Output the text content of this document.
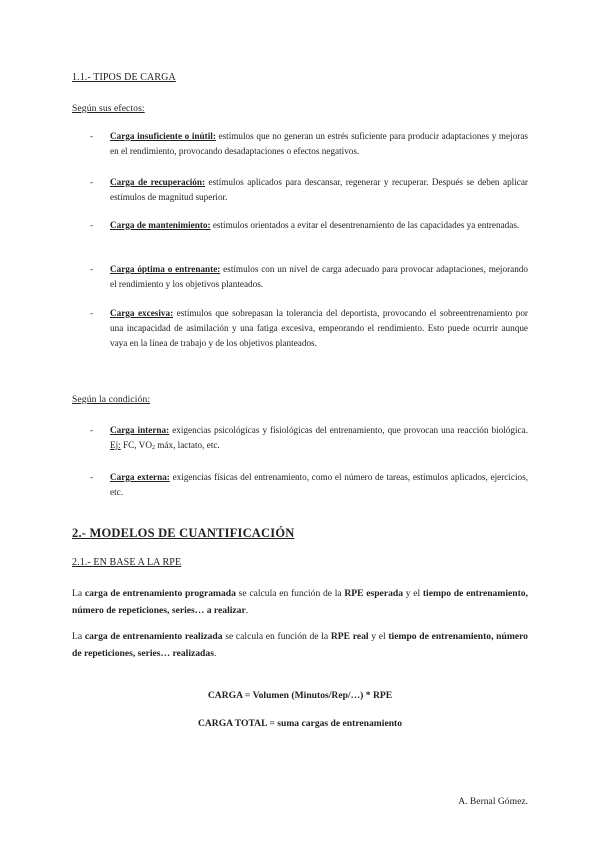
1.1.- TIPOS DE CARGA
Según sus efectos:
- Carga insuficiente o inútil: estímulos que no generan un estrés suficiente para producir adaptaciones y mejoras en el rendimiento, provocando desadaptaciones o efectos negativos.
- Carga de recuperación: estímulos aplicados para descansar, regenerar y recuperar. Después se deben aplicar estímulos de magnitud superior.
- Carga de mantenimiento: estímulos orientados a evitar el desentrenamiento de las capacidades ya entrenadas.
- Carga óptima o entrenante: estímulos con un nivel de carga adecuado para provocar adaptaciones, mejorando el rendimiento y los objetivos planteados.
- Carga excesiva: estímulos que sobrepasan la tolerancia del deportista, provocando el sobreentrenamiento por una incapacidad de asimilación y una fatiga excesiva, empeorando el rendimiento. Esto puede ocurrir aunque vaya en la línea de trabajo y de los objetivos planteados.
Según la condición:
- Carga interna: exigencias psicológicas y fisiológicas del entrenamiento, que provocan una reacción biológica. Ej: FC, $VO_2$ máx, lactato, etc.
- Carga externa: exigencias físicas del entrenamiento, como el número de tareas, estímulos aplicados, ejercicios, etc.
2.- MODELOS DE CUANTIFICACIÓN
2.1.- EN BASE A LA RPE
La carga de entrenamiento programada se calcula en función de la RPE esperada y el tiempo de entrenamiento, número de repeticiones, series… a realizar.
La carga de entrenamiento realizada se calcula en función de la RPE real y el tiempo de entrenamiento, número de repeticiones, series… realizadas.
CARGA = Volumen (Minutos/Rep/…) * RPE
CARGA TOTAL = suma cargas de entrenamiento
A. Bernal Gómez.
